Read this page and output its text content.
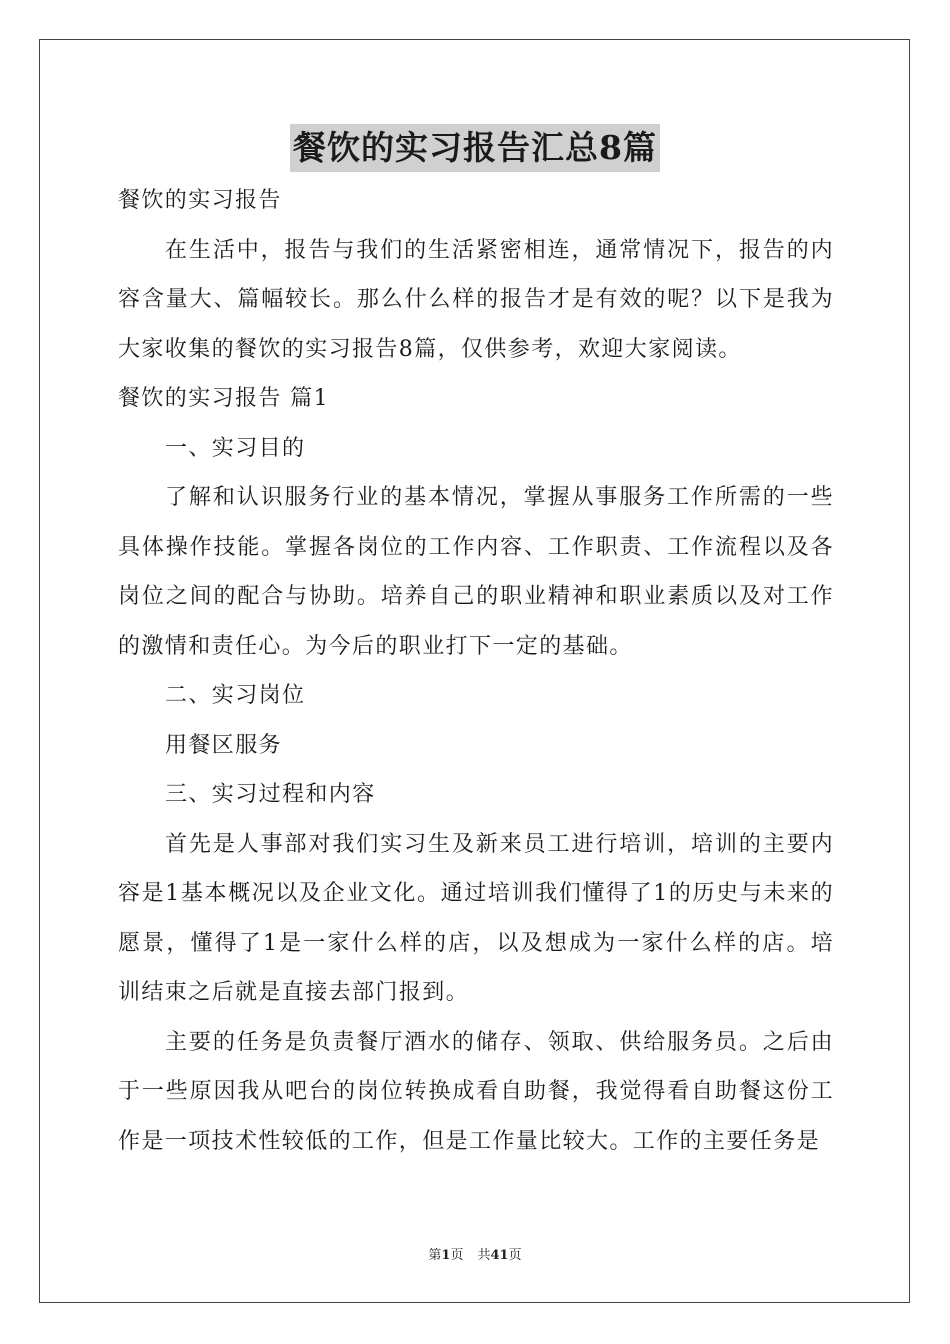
餐饮的实习报告汇总8篇

餐饮的实习报告

在生活中，报告与我们的生活紧密相连，通常情况下，报告的内容含量大、篇幅较长。那么什么样的报告才是有效的呢？以下是我为大家收集的餐饮的实习报告8篇，仅供参考，欢迎大家阅读。

餐饮的实习报告 篇1

一、实习目的

了解和认识服务行业的基本情况，掌握从事服务工作所需的一些具体操作技能。掌握各岗位的工作内容、工作职责、工作流程以及各岗位之间的配合与协助。培养自己的职业精神和职业素质以及对工作的激情和责任心。为今后的职业打下一定的基础。

二、实习岗位

用餐区服务

三、实习过程和内容

首先是人事部对我们实习生及新来员工进行培训，培训的主要内容是1基本概况以及企业文化。通过培训我们懂得了1的历史与未来的愿景，懂得了1是一家什么样的店，以及想成为一家什么样的店。培训结束之后就是直接去部门报到。

主要的任务是负责餐厅酒水的储存、领取、供给服务员。之后由于一些原因我从吧台的岗位转换成看自助餐，我觉得看自助餐这份工作是一项技术性较低的工作，但是工作量比较大。工作的主要任务是

第1页 共41页
